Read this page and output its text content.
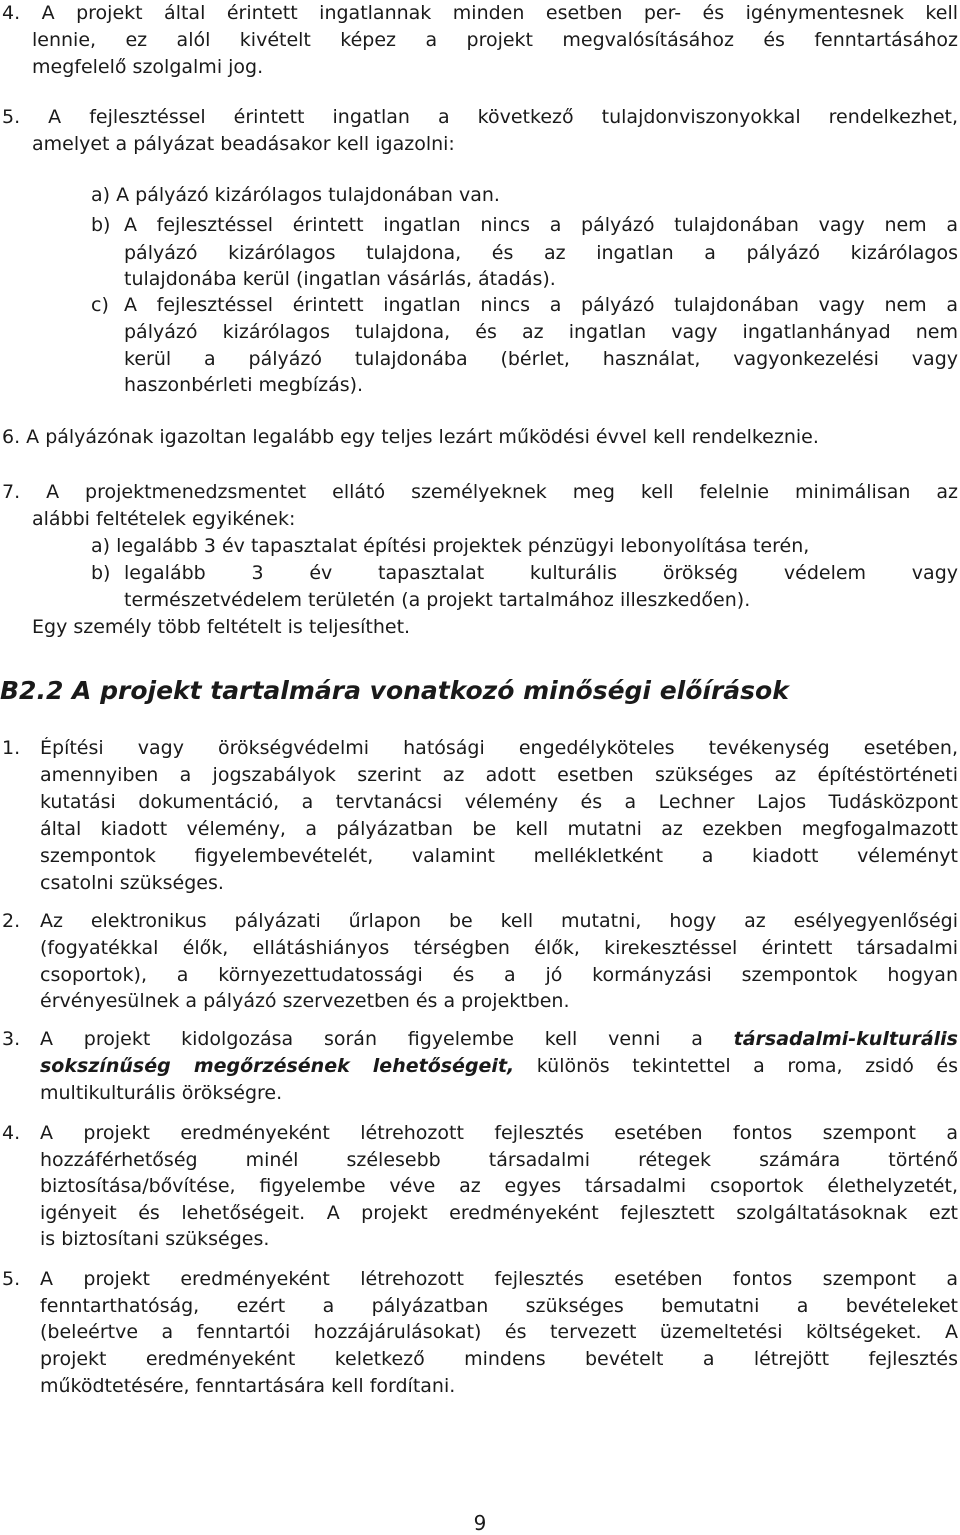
4. A projekt által érintett ingatlannak minden esetben per- és igénymentesnek kell
lennie, ez alól kivételt képez a projekt megvalósításához és fenntartásához
megfelelő szolgalmi jog.
5. A fejlesztéssel érintett ingatlan a következő tulajdonviszonyokkal rendelkezhet,
amelyet a pályázat beadásakor kell igazolni:
a) A pályázó kizárólagos tulajdonában van.
b) A fejlesztéssel érintett ingatlan nincs a pályázó tulajdonában vagy nem a
pályázó kizárólagos tulajdona, és az ingatlan a pályázó kizárólagos
tulajdonába kerül (ingatlan vásárlás, átadás).
c) A fejlesztéssel érintett ingatlan nincs a pályázó tulajdonában vagy nem a
pályázó kizárólagos tulajdona, és az ingatlan vagy ingatlanhányad nem
kerül a pályázó tulajdonába (bérlet, használat, vagyonkezelési vagy
haszonbérleti megbízás).
6. A pályázónak igazoltan legalább egy teljes lezárt működési évvel kell rendelkeznie.
7. A projektmenedzsmentet ellátó személyeknek meg kell felelnie minimálisan az
alábbi feltételek egyikének:
a) legalább 3 év tapasztalat építési projektek pénzügyi lebonyolítása terén,
b) legalább 3 év tapasztalat kulturális örökség védelem vagy
természetvédelem területén (a projekt tartalmához illeszkedően).
Egy személy több feltételt is teljesíthet.
B2.2 A projekt tartalmára vonatkozó minőségi előírások
1. Építési vagy örökségvédelmi hatósági engedélyköteles tevékenység esetében,
amennyiben a jogszabályok szerint az adott esetben szükséges az építéstörténeti
kutatási dokumentáció, a tervtanácsi vélemény és a Lechner Lajos Tudásközpont
által kiadott vélemény, a pályázatban be kell mutatni az ezekben megfogalmazott
szempontok figyelembevételét, valamint mellékletként a kiadott véleményt
csatolni szükséges.
2. Az elektronikus pályázati űrlapon be kell mutatni, hogy az esélyegyenlőségi
(fogyatékkal élők, ellátáshiányos térségben élők, kirekesztéssel érintett társadalmi
csoportok), a környezettudatossági és a jó kormányzási szempontok hogyan
érvényesülnek a pályázó szervezetben és a projektben.
3. A projekt kidolgozása során figyelembe kell venni a társadalmi-kulturális
sokszínűség megőrzésének lehetőségeit, különös tekintettel a roma, zsidó és
multikulturális örökségre.
4. A projekt eredményeként létrehozott fejlesztés esetében fontos szempont a
hozzáférhetőség minél szélesebb társadalmi rétegek számára történő
biztosítása/bővítése, figyelembe véve az egyes társadalmi csoportok élethelyzetét,
igényeit és lehetőségeit. A projekt eredményeként fejlesztett szolgáltatásoknak ezt
is biztosítani szükséges.
5. A projekt eredményeként létrehozott fejlesztés esetében fontos szempont a
fenntarthatóság, ezért a pályázatban szükséges bemutatni a bevételeket
(beleértve a fenntartói hozzájárulásokat) és tervezett üzemeltetési költségeket. A
projekt eredményeként keletkező mindens bevételt a létrejött fejlesztés
működtetésére, fenntartására kell fordítani.
9
